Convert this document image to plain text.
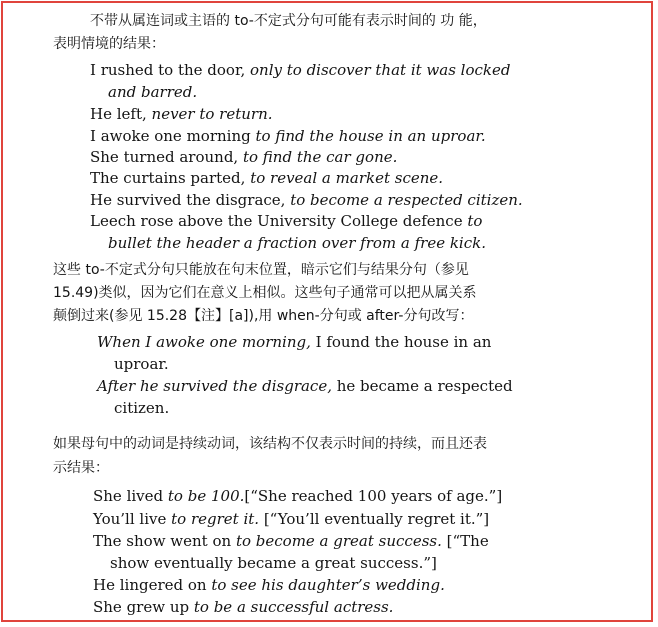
不带从属连词或主语的 to-不定式分句可能有表示时间的 功 能，
表明情境的结果：
I rushed to the door, only to discover that it was locked
and barred.
He left, never to return.
I awoke one morning to find the house in an uproar.
She turned around, to find the car gone.
The curtains parted, to reveal a market scene.
He survived the disgrace, to become a respected citizen.
Leech rose above the University College defence to
bullet the header a fraction over from a free kick.
这些 to-不定式分句只能放在句末位置，暗示它们与结果分句（参见
15.49)类似，因为它们在意义上相似。这些句子通常可以把从属关系
颠倒过来(参见 15.28【注】[a]),用 when-分句或 after-分句改写：
When I awoke one morning, I found the house in an
uproar.
After he survived the disgrace, he became a respected
citizen.
如果母句中的动词是持续动词，该结构不仅表示时间的持续，而且还表
示结果：
She lived to be 100.[“She reached 100 years of age.”]
You’ll live to regret it. [“You’ll eventually regret it.”]
The show went on to become a great success. [“The
show eventually became a great success.”]
He lingered on to see his daughter’s wedding.
She grew up to be a successful actress.
